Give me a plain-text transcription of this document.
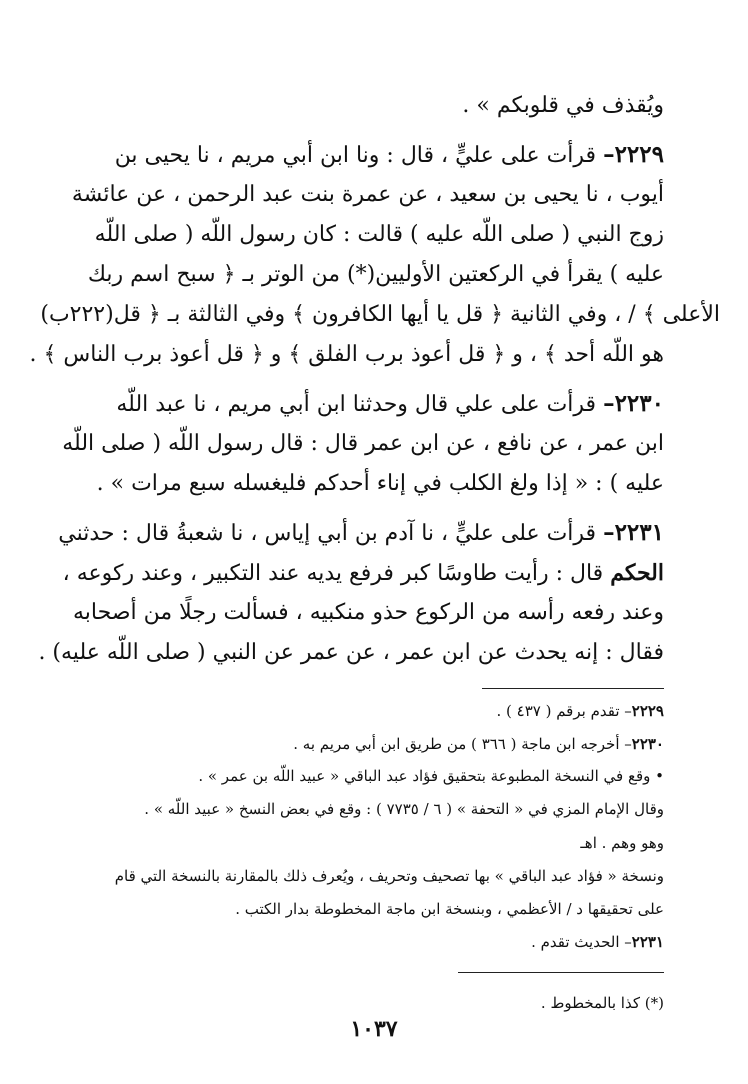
ويُقذف في قلوبكم » .
٢٢٢٩– قرأت على عليٍّ ، قال : ونا ابن أبي مريم ، نا يحيى بن
أيوب ، نا يحيى بن سعيد ، عن عمرة بنت عبد الرحمن ، عن عائشة
زوج النبي ( صلى اللّه عليه ) قالت : كان رسول اللّه ( صلى اللّه
عليه ) يقرأ في الركعتين الأوليين(*) من الوتر بـ ﴿ سبح اسم ربك
الأعلى ﴾ / ، وفي الثانية ﴿ قل يا أيها الكافرون ﴾ وفي الثالثة بـ ﴿ قل(٢٢٢ب)
هو اللّه أحد ﴾ ، و ﴿ قل أعوذ برب الفلق ﴾ و ﴿ قل أعوذ برب الناس ﴾ .
٢٢٣٠– قرأت على علي قال وحدثنا ابن أبي مريم ، نا عبد اللّه
ابن عمر ، عن نافع ، عن ابن عمر قال : قال رسول اللّه ( صلى اللّه
عليه ) : « إذا ولغ الكلب في إناء أحدكم فليغسله سبع مرات » .
٢٢٣١– قرأت على عليٍّ ، نا آدم بن أبي إياس ، نا شعبةُ قال : حدثني
الحكم قال : رأيت طاوسًا كبر فرفع يديه عند التكبير ، وعند ركوعه ،
وعند رفعه رأسه من الركوع حذو منكبيه ، فسألت رجلًا من أصحابه
فقال : إنه يحدث عن ابن عمر ، عن عمر عن النبي ( صلى اللّه عليه) .
٢٢٢٩– تقدم برقم ( ٤٣٧ ) .
٢٢٣٠– أخرجه ابن ماجة ( ٣٦٦ ) من طريق ابن أبي مريم به .
• وقع في النسخة المطبوعة بتحقيق فؤاد عبد الباقي « عبيد اللّه بن عمر » .
وقال الإمام المزي في « التحفة » ( ٦ / ٧٧٣٥ ) : وقع في بعض النسخ « عبيد اللّه » .
وهو وهم . اهـ
ونسخة « فؤاد عبد الباقي » بها تصحيف وتحريف ، ويُعرف ذلك بالمقارنة بالنسخة التي قام
على تحقيقها د / الأعظمي ، وبنسخة ابن ماجة المخطوطة بدار الكتب .
٢٢٣١– الحديث تقدم .
(*) كذا بالمخطوط .
١٠٣٧
